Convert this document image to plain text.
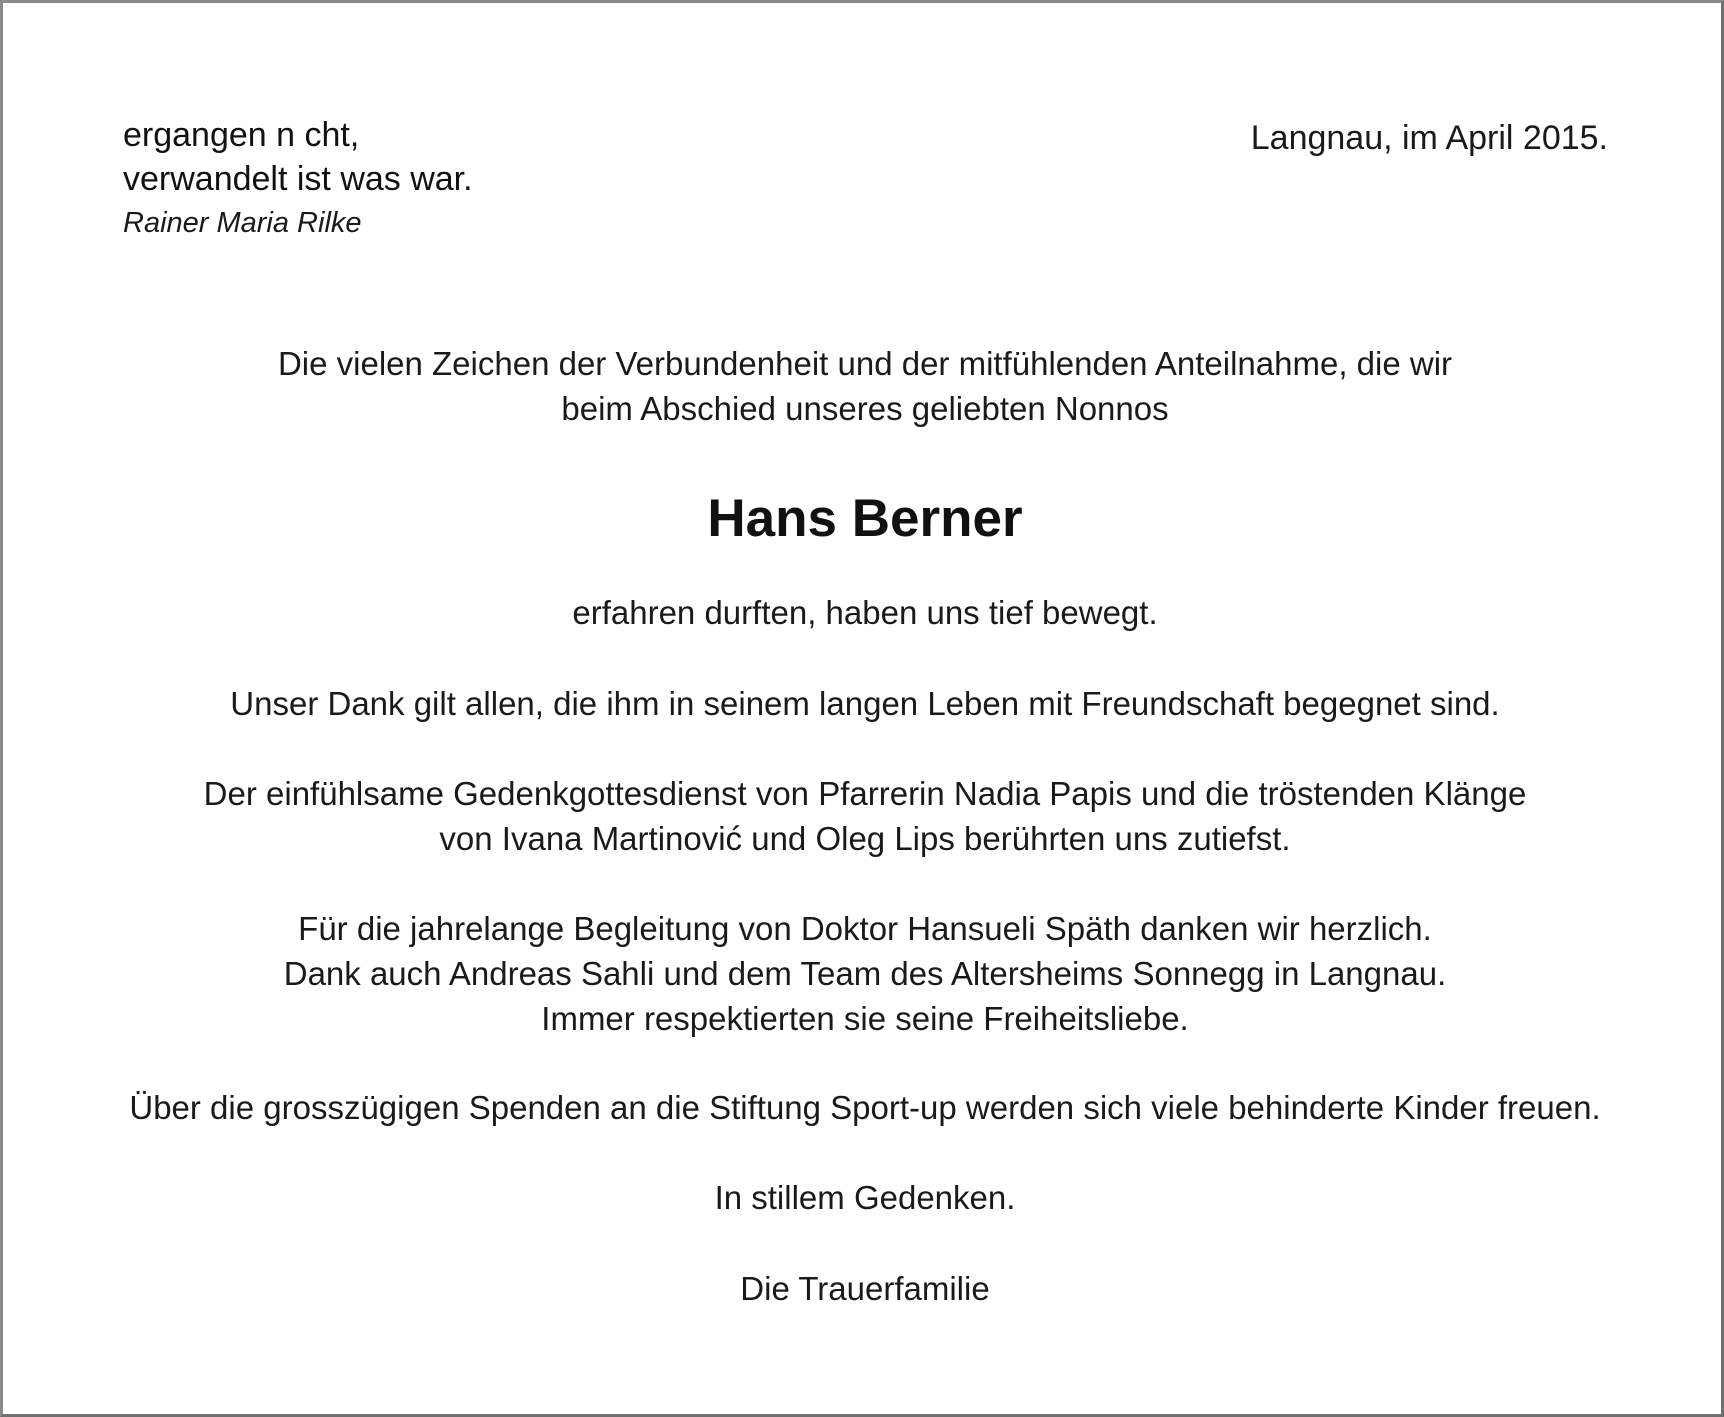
ergangen n cht,
verwandelt ist was war.
Rainer Maria Rilke
Langnau, im April 2015.
Die vielen Zeichen der Verbundenheit und der mitfühlenden Anteilnahme, die wir
beim Abschied unseres geliebten Nonnos
Hans Berner
erfahren durften, haben uns tief bewegt.
Unser Dank gilt allen, die ihm in seinem langen Leben mit Freundschaft begegnet sind.
Der einfühlsame Gedenkgottesdienst von Pfarrerin Nadia Papis und die tröstenden Klänge
von Ivana Martinović und Oleg Lips berührten uns zutiefst.
Für die jahrelange Begleitung von Doktor Hansueli Späth danken wir herzlich.
Dank auch Andreas Sahli und dem Team des Altersheims Sonnegg in Langnau.
Immer respektierten sie seine Freiheitsliebe.
Über die grosszügigen Spenden an die Stiftung Sport-up werden sich viele behinderte Kinder freuen.
In stillem Gedenken.
Die Trauerfamilie
